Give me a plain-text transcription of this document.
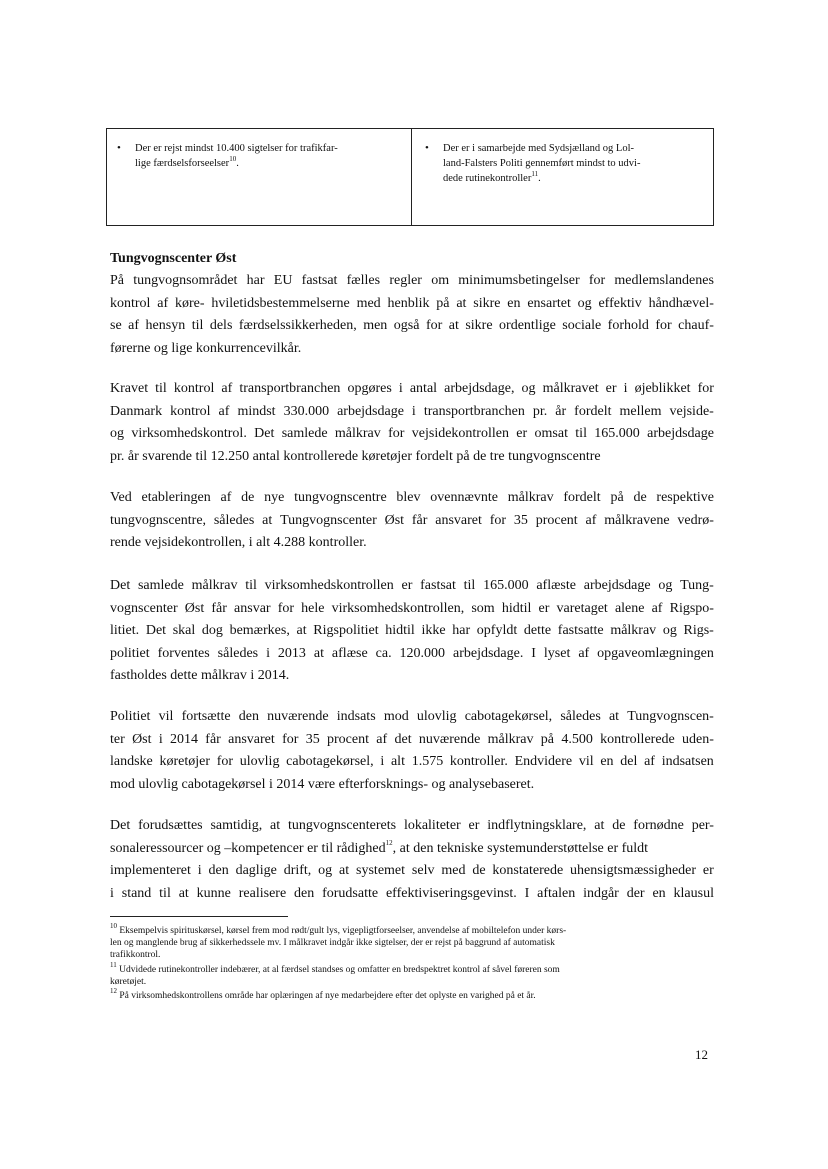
• Der er rejst mindst 10.400 sigtelser for trafikfar-
lige færdselsforseelser$^{10}$.
• Der er i samarbejde med Sydsjælland og Lol-
land-Falsters Politi gennemført mindst to udvi-
dede rutinekontroller$^{11}$.
Tungvognscenter Øst
På tungvognsområdet har EU fastsat fælles regler om minimumsbetingelser for medlemslandenes
kontrol af køre- hviletidsbestemmelserne med henblik på at sikre en ensartet og effektiv håndhævel-
se af hensyn til dels færdselssikkerheden, men også for at sikre ordentlige sociale forhold for chauf-
førerne og lige konkurrencevilkår.
Kravet til kontrol af transportbranchen opgøres i antal arbejdsdage, og målkravet er i øjeblikket for
Danmark kontrol af mindst 330.000 arbejdsdage i transportbranchen pr. år fordelt mellem vejside-
og virksomhedskontrol. Det samlede målkrav for vejsidekontrollen er omsat til 165.000 arbejdsdage
pr. år svarende til 12.250 antal kontrollerede køretøjer fordelt på de tre tungvognscentre
Ved etableringen af de nye tungvognscentre blev ovennævnte målkrav fordelt på de respektive
tungvognscentre, således at Tungvognscenter Øst får ansvaret for 35 procent af målkravene vedrø-
rende vejsidekontrollen, i alt 4.288 kontroller.
Det samlede målkrav til virksomhedskontrollen er fastsat til 165.000 aflæste arbejdsdage og Tung-
vognscenter Øst får ansvar for hele virksomhedskontrollen, som hidtil er varetaget alene af Rigspo-
litiet. Det skal dog bemærkes, at Rigspolitiet hidtil ikke har opfyldt dette fastsatte målkrav og Rigs-
politiet forventes således i 2013 at aflæse ca. 120.000 arbejdsdage. I lyset af opgaveomlægningen
fastholdes dette målkrav i 2014.
Politiet vil fortsætte den nuværende indsats mod ulovlig cabotagekørsel, således at Tungvognscen-
ter Øst i 2014 får ansvaret for 35 procent af det nuværende målkrav på 4.500 kontrollerede uden-
landske køretøjer for ulovlig cabotagekørsel, i alt 1.575 kontroller. Endvidere vil en del af indsatsen
mod ulovlig cabotagekørsel i 2014 være efterforsknings- og analysebaseret.
Det forudsættes samtidig, at tungvognscenterets lokaliteter er indflytningsklare, at de fornødne per-
sonaleressourcer og –kompetencer er til rådighed$^{12}$, at den tekniske systemunderstøttelse er fuldt
implementeret i den daglige drift, og at systemet selv med de konstaterede uhensigtsmæssigheder er
i stand til at kunne realisere den forudsatte effektiviseringsgevinst. I aftalen indgår der en klausul
$^{10}$ Eksempelvis spirituskørsel, kørsel frem mod rødt/gult lys, vigepligtforseelser, anvendelse af mobiltelefon under kørs-
len og manglende brug af sikkerhedssele mv. I målkravet indgår ikke sigtelser, der er rejst på baggrund af automatisk
trafikkontrol.
$^{11}$ Udvidede rutinekontroller indebærer, at al færdsel standses og omfatter en bredspektret kontrol af såvel føreren som
køretøjet.
$^{12}$ På virksomhedskontrollens område har oplæringen af nye medarbejdere efter det oplyste en varighed på et år.
12
